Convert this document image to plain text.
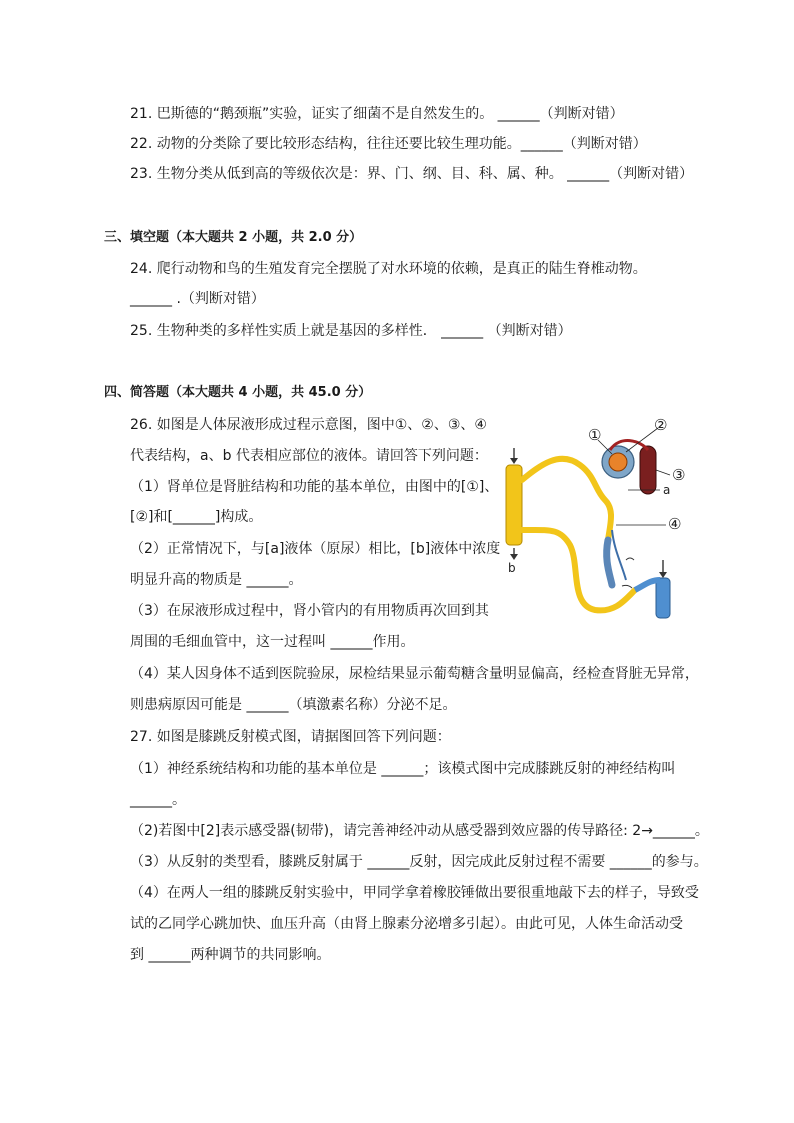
21. 巴斯德的“鹅颈瓶”实验，证实了细菌不是自然发生的。 ______（判断对错）
22. 动物的分类除了要比较形态结构，往往还要比较生理功能。______（判断对错）
23. 生物分类从低到高的等级依次是：界、门、纲、目、科、属、种。 ______（判断对错）
三、填空题（本大题共 2 小题，共 2.0 分）
24. 爬行动物和鸟的生殖发育完全摆脱了对水环境的依赖，是真正的陆生脊椎动物。
______ .（判断对错）
25. 生物种类的多样性实质上就是基因的多样性． ______ （判断对错）
四、简答题（本大题共 4 小题，共 45.0 分）
26. 如图是人体尿液形成过程示意图，图中①、②、③、④
代表结构，a、b 代表相应部位的液体。请回答下列问题：
（1）肾单位是肾脏结构和功能的基本单位，由图中的[①]、
[②]和[______]构成。
（2）正常情况下，与[a]液体（原尿）相比，[b]液体中浓度
明显升高的物质是 ______。
（3）在尿液形成过程中，肾小管内的有用物质再次回到其
周围的毛细血管中，这一过程叫 ______作用。
（4）某人因身体不适到医院验尿，尿检结果显示葡萄糖含量明显偏高，经检查肾脏无异常，
则患病原因可能是 ______（填激素名称）分泌不足。
27. 如图是膝跳反射模式图，请据图回答下列问题：
（1）神经系统结构和功能的基本单位是 ______；该模式图中完成膝跳反射的神经结构叫
______。
（2)若图中[2]表示感受器(韧带)，请完善神经冲动从感受器到效应器的传导路径: 2→______。
（3）从反射的类型看，膝跳反射属于 ______反射，因完成此反射过程不需要 ______的参与。
（4）在两人一组的膝跳反射实验中，甲同学拿着橡胶锤做出要很重地敲下去的样子，导致受
试的乙同学心跳加快、血压升高（由肾上腺素分泌增多引起）。由此可见，人体生命活动受
到 ______两种调节的共同影响。
①
②
③
a
④
b
